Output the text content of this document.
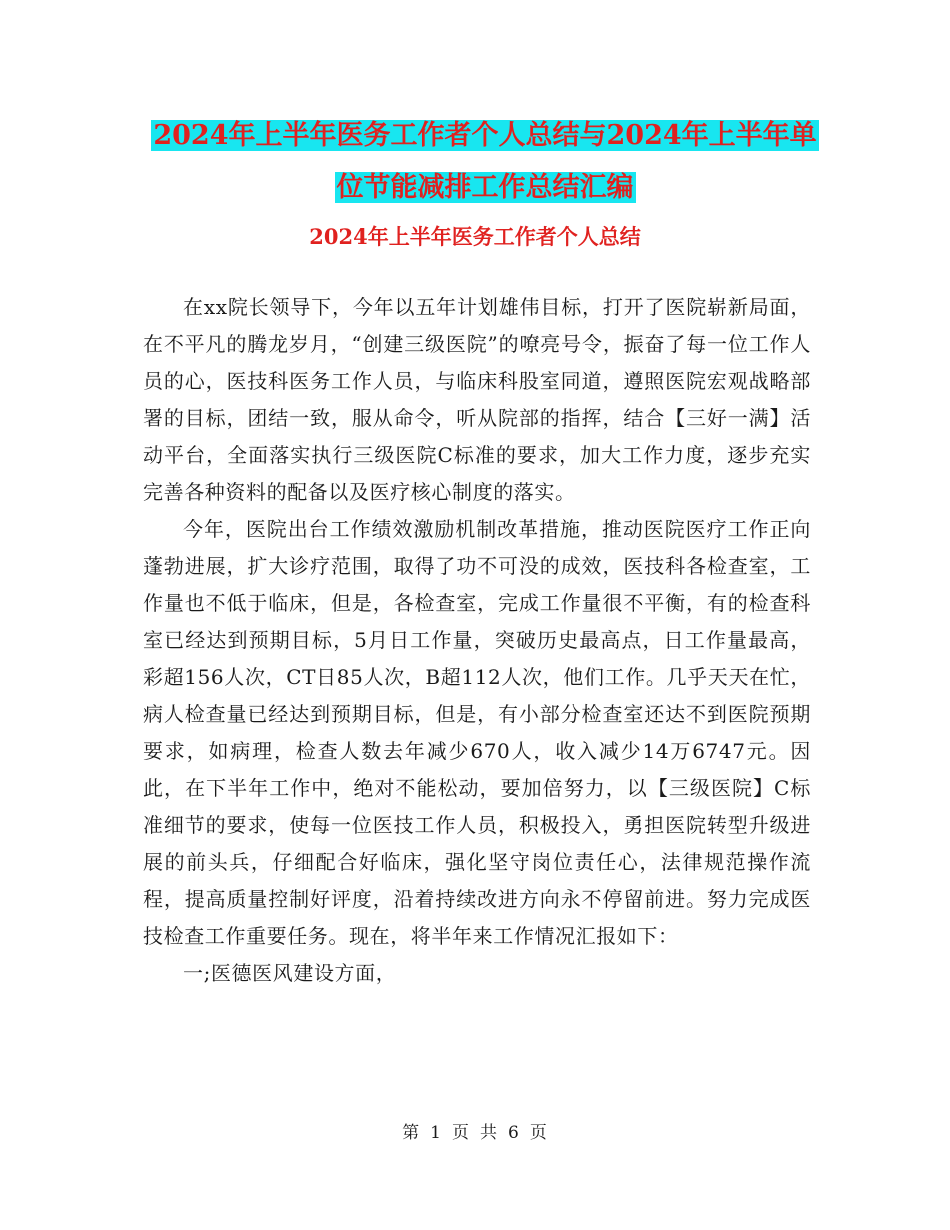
2024年上半年医务工作者个人总结与2024年上半年单
位节能减排工作总结汇编
2024年上半年医务工作者个人总结

在xx院长领导下，今年以五年计划雄伟目标，打开了医院崭新局面，在不平凡的腾龙岁月，“创建三级医院”的嘹亮号令，振奋了每一位工作人员的心，医技科医务工作人员，与临床科股室同道，遵照医院宏观战略部署的目标，团结一致，服从命令，听从院部的指挥，结合【三好一满】活动平台，全面落实执行三级医院C标准的要求，加大工作力度，逐步充实完善各种资料的配备以及医疗核心制度的落实。

今年，医院出台工作绩效激励机制改革措施，推动医院医疗工作正向蓬勃进展，扩大诊疗范围，取得了功不可没的成效，医技科各检查室，工作量也不低于临床，但是，各检查室，完成工作量很不平衡，有的检查科室已经达到预期目标，5月日工作量，突破历史最高点，日工作量最高，彩超156人次，CT日85人次，B超112人次，他们工作。几乎天天在忙，病人检查量已经达到预期目标，但是，有小部分检查室还达不到医院预期要求，如病理，检查人数去年减少670人，收入减少14万6747元。因此，在下半年工作中，绝对不能松动，要加倍努力，以【三级医院】C标准细节的要求，使每一位医技工作人员，积极投入，勇担医院转型升级进展的前头兵，仔细配合好临床，强化坚守岗位责任心，法律规范操作流程，提高质量控制好评度，沿着持续改进方向永不停留前进。努力完成医技检查工作重要任务。现在，将半年来工作情况汇报如下：

一;医德医风建设方面，

第 1 页 共 6 页
